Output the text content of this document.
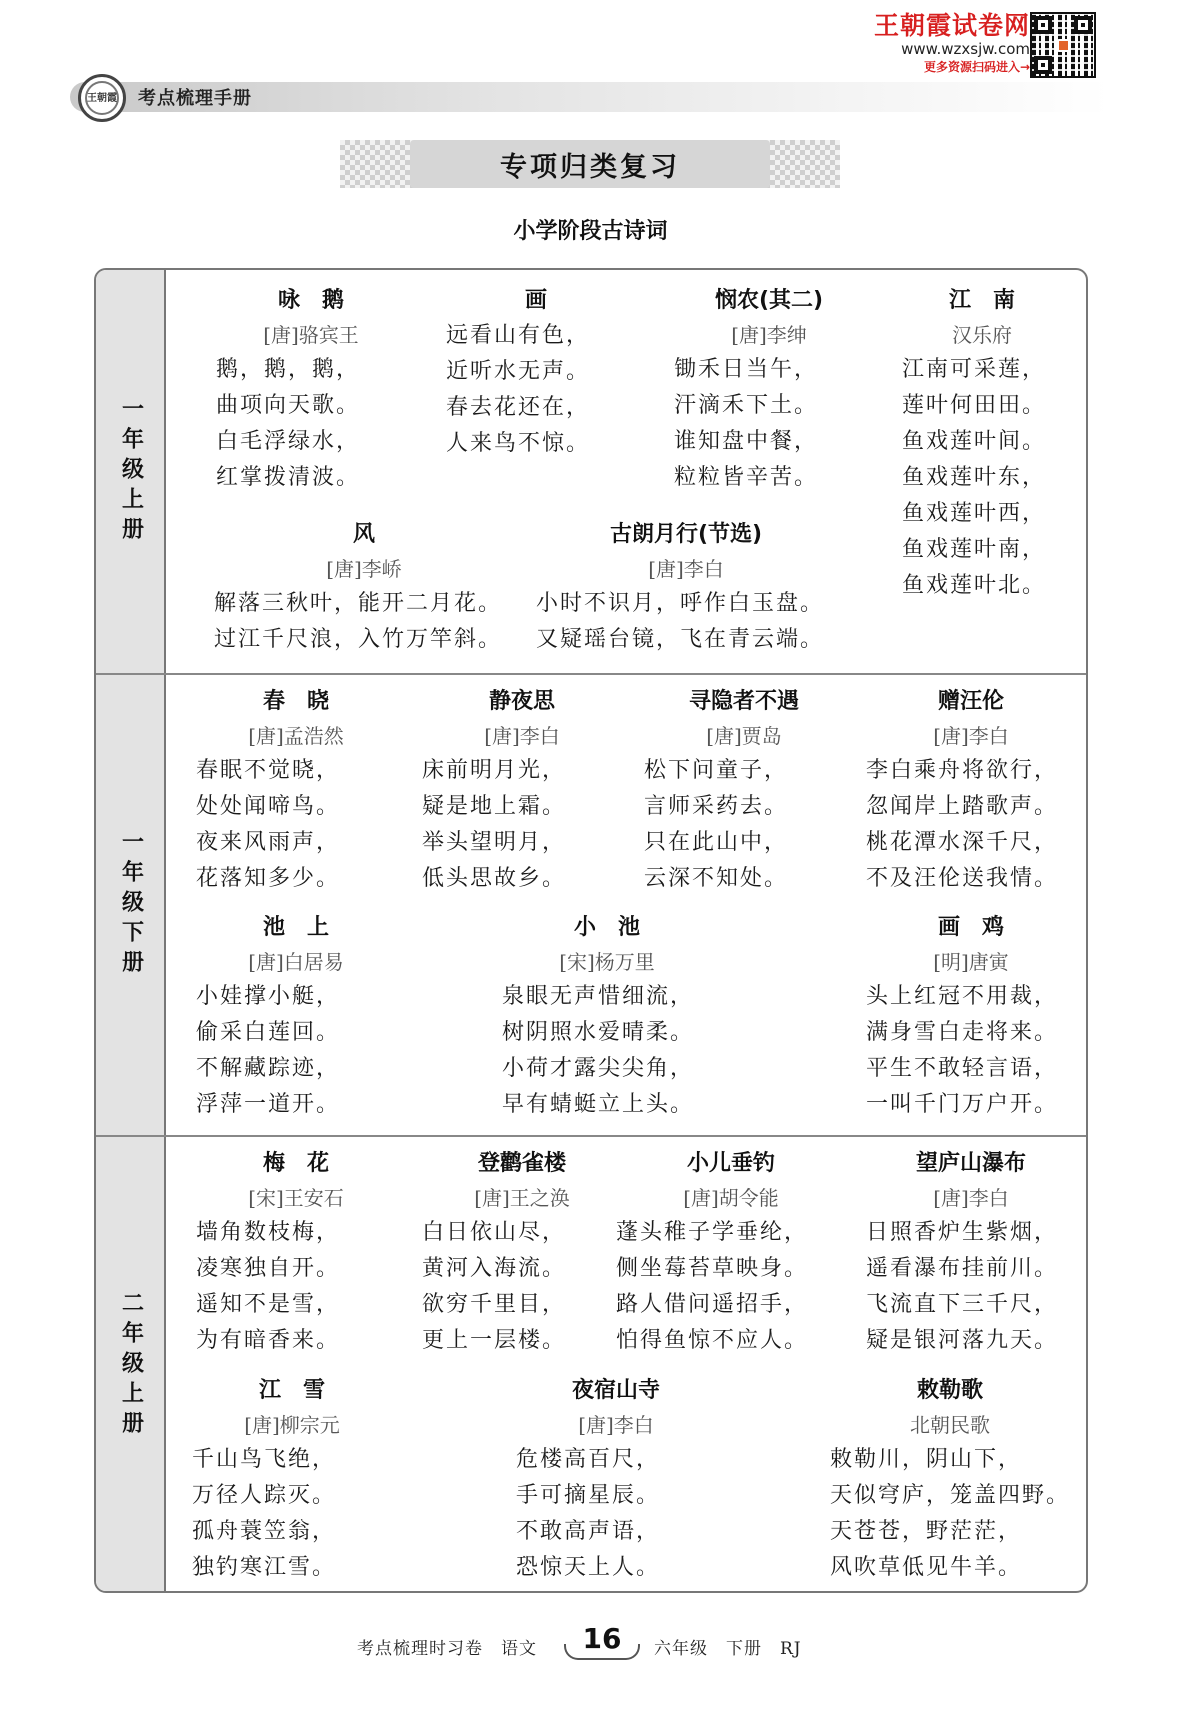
王朝霞 考点梳理手册
王朝霞试卷网
www.wzxsjw.com
更多资源扫码进入→
专项归类复习
小学阶段古诗词
一年级上册
一年级下册
二年级上册
咏　鹅
[唐]骆宾王
鹅，鹅，鹅，
曲项向天歌。
白毛浮绿水，
红掌拨清波。
画
远看山有色，
近听水无声。
春去花还在，
人来鸟不惊。
悯农(其二)
[唐]李绅
锄禾日当午，
汗滴禾下土。
谁知盘中餐，
粒粒皆辛苦。
江　南
汉乐府
江南可采莲，
莲叶何田田。
鱼戏莲叶间。
鱼戏莲叶东，
鱼戏莲叶西，
鱼戏莲叶南，
鱼戏莲叶北。
风
[唐]李峤
解落三秋叶，能开二月花。
过江千尺浪，入竹万竿斜。
古朗月行(节选)
[唐]李白
小时不识月，呼作白玉盘。
又疑瑶台镜，飞在青云端。
春　晓
[唐]孟浩然
春眠不觉晓，
处处闻啼鸟。
夜来风雨声，
花落知多少。
静夜思
[唐]李白
床前明月光，
疑是地上霜。
举头望明月，
低头思故乡。
寻隐者不遇
[唐]贾岛
松下问童子，
言师采药去。
只在此山中，
云深不知处。
赠汪伦
[唐]李白
李白乘舟将欲行，
忽闻岸上踏歌声。
桃花潭水深千尺，
不及汪伦送我情。
池　上
[唐]白居易
小娃撑小艇，
偷采白莲回。
不解藏踪迹，
浮萍一道开。
小　池
[宋]杨万里
泉眼无声惜细流，
树阴照水爱晴柔。
小荷才露尖尖角，
早有蜻蜓立上头。
画　鸡
[明]唐寅
头上红冠不用裁，
满身雪白走将来。
平生不敢轻言语，
一叫千门万户开。
梅　花
[宋]王安石
墙角数枝梅，
凌寒独自开。
遥知不是雪，
为有暗香来。
登鹳雀楼
[唐]王之涣
白日依山尽，
黄河入海流。
欲穷千里目，
更上一层楼。
小儿垂钓
[唐]胡令能
蓬头稚子学垂纶，
侧坐莓苔草映身。
路人借问遥招手，
怕得鱼惊不应人。
望庐山瀑布
[唐]李白
日照香炉生紫烟，
遥看瀑布挂前川。
飞流直下三千尺，
疑是银河落九天。
江　雪
[唐]柳宗元
千山鸟飞绝，
万径人踪灭。
孤舟蓑笠翁，
独钓寒江雪。
夜宿山寺
[唐]李白
危楼高百尺，
手可摘星辰。
不敢高声语，
恐惊天上人。
敕勒歌
北朝民歌
敕勒川，阴山下，
天似穹庐，笼盖四野。
天苍苍，野茫茫，
风吹草低见牛羊。
考点梳理时习卷　语文	16	六年级　下册　RJ
